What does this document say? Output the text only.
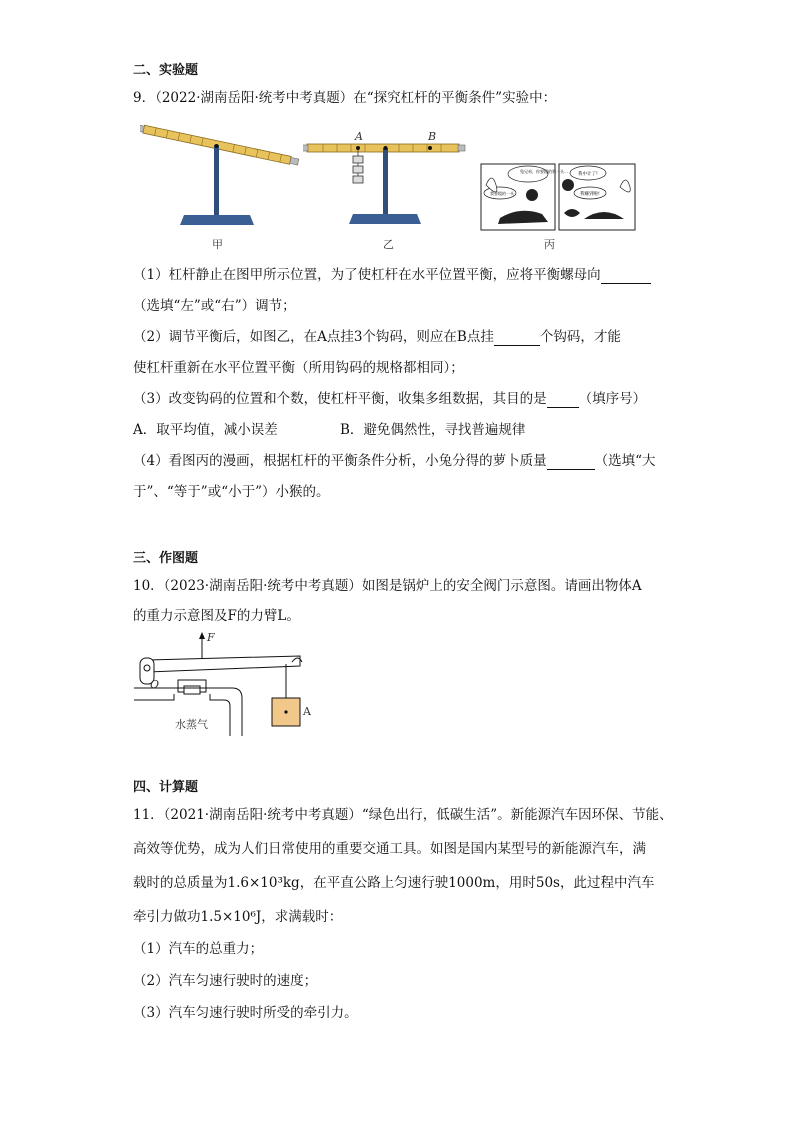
二、实验题
9．（2022·湖南岳阳·统考中考真题）在“探究杠杆的平衡条件”实验中：
甲
A	B
乙
兔兄弟，你要粗的那一头…
我要粗的一头
我中计了!
我赚到啦!
丙
（1）杠杆静止在图甲所示位置，为了使杠杆在水平位置平衡，应将平衡螺母向
（选填“左”或“右”）调节；
（2）调节平衡后，如图乙，在A点挂3个钩码，则应在B点挂	个钩码，才能
使杠杆重新在水平位置平衡（所用钩码的规格都相同）；
（3）改变钩码的位置和个数，使杠杆平衡，收集多组数据，其目的是 （填序号）
A．取平均值，减小误差	B．避免偶然性，寻找普遍规律
（4）看图丙的漫画，根据杠杆的平衡条件分析，小兔分得的萝卜质量	（选填“大
于”、“等于”或“小于”）小猴的。
三、作图题
10．（2023·湖南岳阳·统考中考真题）如图是锅炉上的安全阀门示意图。请画出物体A
的重力示意图及F的力臂L。
F
O
A
水蒸气
四、计算题
11．（2021·湖南岳阳·统考中考真题）“绿色出行，低碳生活”。新能源汽车因环保、节能、
高效等优势，成为人们日常使用的重要交通工具。如图是国内某型号的新能源汽车，满
载时的总质量为1.6×10³kg，在平直公路上匀速行驶1000m，用时50s，此过程中汽车
牵引力做功1.5×10⁶J，求满载时：
（1）汽车的总重力；
（2）汽车匀速行驶时的速度；
（3）汽车匀速行驶时所受的牵引力。
